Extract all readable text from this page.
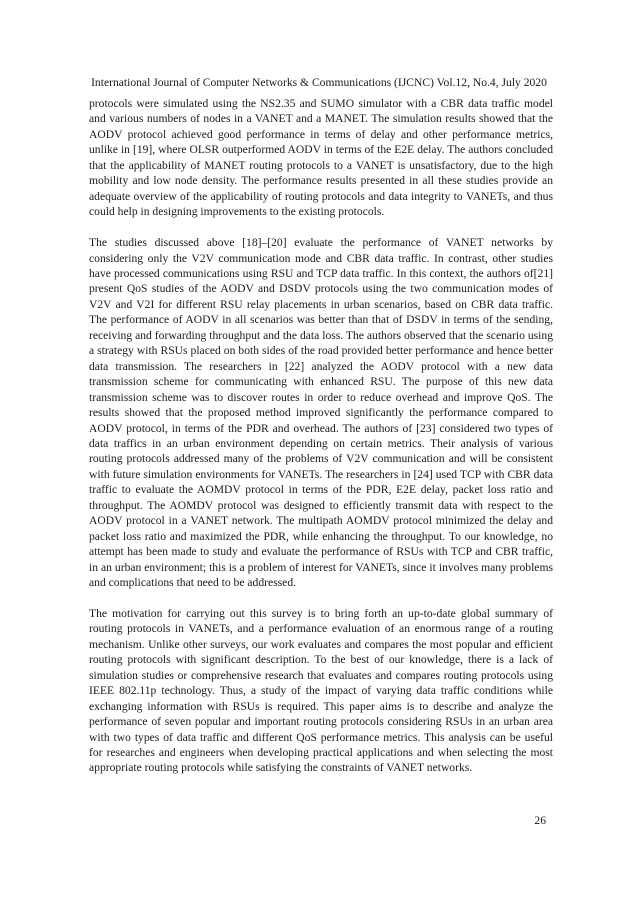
International Journal of Computer Networks & Communications (IJCNC) Vol.12, No.4, July 2020

protocols were simulated using the NS2.35 and SUMO simulator with a CBR data traffic model and various numbers of nodes in a VANET and a MANET. The simulation results showed that the AODV protocol achieved good performance in terms of delay and other performance metrics, unlike in [19], where OLSR outperformed AODV in terms of the E2E delay. The authors concluded that the applicability of MANET routing protocols to a VANET is unsatisfactory, due to the high mobility and low node density. The performance results presented in all these studies provide an adequate overview of the applicability of routing protocols and data integrity to VANETs, and thus could help in designing improvements to the existing protocols.

The studies discussed above [18]–[20] evaluate the performance of VANET networks by considering only the V2V communication mode and CBR data traffic. In contrast, other studies have processed communications using RSU and TCP data traffic. In this context, the authors of[21] present QoS studies of the AODV and DSDV protocols using the two communication modes of V2V and V2I for different RSU relay placements in urban scenarios, based on CBR data traffic. The performance of AODV in all scenarios was better than that of DSDV in terms of the sending, receiving and forwarding throughput and the data loss. The authors observed that the scenario using a strategy with RSUs placed on both sides of the road provided better performance and hence better data transmission. The researchers in [22] analyzed the AODV protocol with a new data transmission scheme for communicating with enhanced RSU. The purpose of this new data transmission scheme was to discover routes in order to reduce overhead and improve QoS. The results showed that the proposed method improved significantly the performance compared to AODV protocol, in terms of the PDR and overhead. The authors of [23] considered two types of data traffics in an urban environment depending on certain metrics. Their analysis of various routing protocols addressed many of the problems of V2V communication and will be consistent with future simulation environments for VANETs. The researchers in [24] used TCP with CBR data traffic to evaluate the AOMDV protocol in terms of the PDR, E2E delay, packet loss ratio and throughput. The AOMDV protocol was designed to efficiently transmit data with respect to the AODV protocol in a VANET network. The multipath AOMDV protocol minimized the delay and packet loss ratio and maximized the PDR, while enhancing the throughput. To our knowledge, no attempt has been made to study and evaluate the performance of RSUs with TCP and CBR traffic, in an urban environment; this is a problem of interest for VANETs, since it involves many problems and complications that need to be addressed.

The motivation for carrying out this survey is to bring forth an up-to-date global summary of routing protocols in VANETs, and a performance evaluation of an enormous range of a routing mechanism. Unlike other surveys, our work evaluates and compares the most popular and efficient routing protocols with significant description. To the best of our knowledge, there is a lack of simulation studies or comprehensive research that evaluates and compares routing protocols using IEEE 802.11p technology. Thus, a study of the impact of varying data traffic conditions while exchanging information with RSUs is required. This paper aims is to describe and analyze the performance of seven popular and important routing protocols considering RSUs in an urban area with two types of data traffic and different QoS performance metrics. This analysis can be useful for researches and engineers when developing practical applications and when selecting the most appropriate routing protocols while satisfying the constraints of VANET networks.

26
